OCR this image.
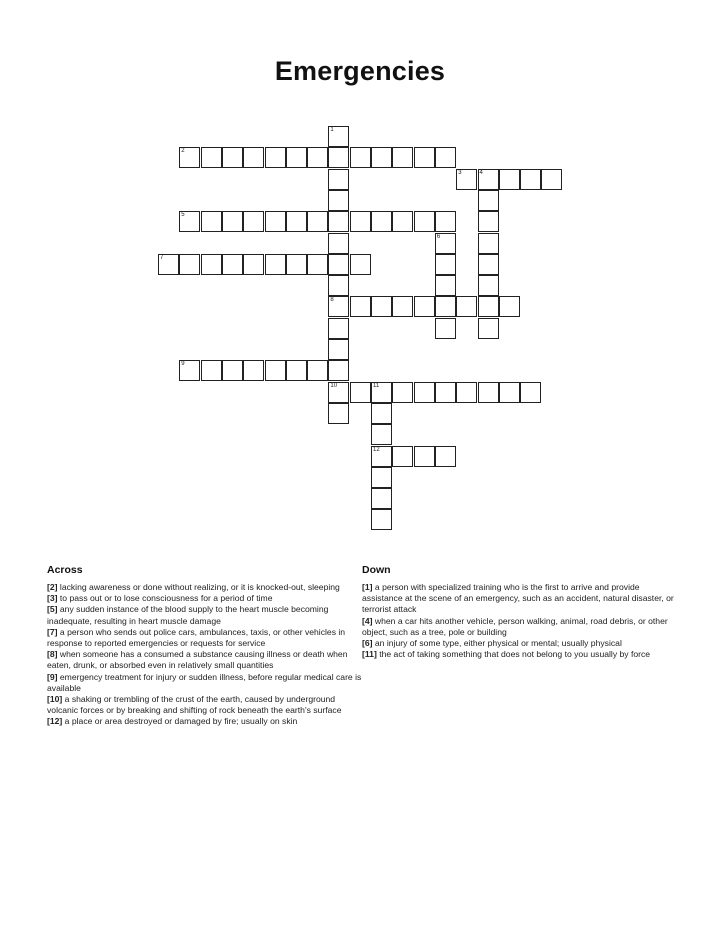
Emergencies
1
8
10
2
3	4
5
6
7
9
11
12
Across
[2] lacking awareness or done without realizing, or it is knocked-out, sleeping
[3] to pass out or to lose consciousness for a period of time
[5] any sudden instance of the blood supply to the heart muscle becoming inadequate, resulting in heart muscle damage
[7] a person who sends out police cars, ambulances, taxis, or other vehicles in response to reported emergencies or requests for service
[8] when someone has a consumed a substance causing illness or death when eaten, drunk, or absorbed even in relatively small quantities
[9] emergency treatment for injury or sudden illness, before regular medical care is available
[10] a shaking or trembling of the crust of the earth, caused by underground volcanic forces or by breaking and shifting of rock beneath the earth's surface
[12] a place or area destroyed or damaged by fire; usually on skin
Down
[1] a person with specialized training who is the first to arrive and provide assistance at the scene of an emergency, such as an accident, natural disaster, or terrorist attack
[4] when a car hits another vehicle, person walking, animal, road debris, or other object, such as a tree, pole or building
[6] an injury of some type, either physical or mental; usually physical
[11] the act of taking something that does not belong to you usually by force
